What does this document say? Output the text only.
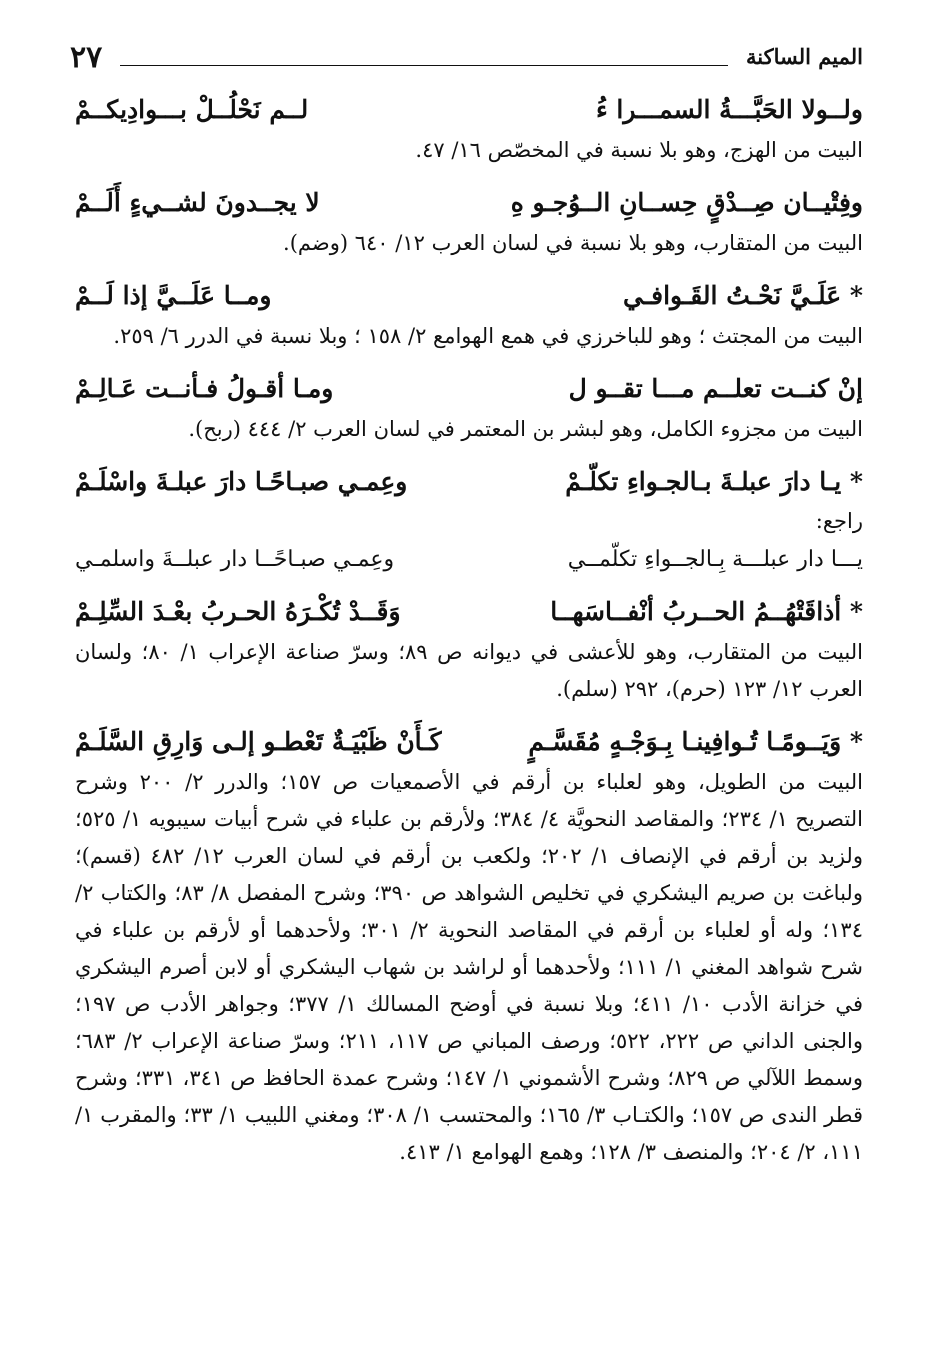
٢٧	الميم الساكنة
ولــولا الحَبَّـــةُ السمـــرا ءُ
لــم نَحْلُــلْ بـــوادِيكــمْ

البيت من الهزج، وهو بلا نسبة في المخصّص ١٦/ ٤٧.

وفِتْيــان صِــدْقٍ حِســانِ الــوُجـو هِ
لا يجــدونَ لشــيءٍ أَلَــمْ

البيت من المتقارب، وهو بلا نسبة في لسان العرب ١٢/ ٦٤٠ (وضم).

* عَلَـيَّ نَحْـتُ القَـوافـي
ومــا عَلَــيَّ إذا لَــمْ

البيت من المجتث ؛ وهو للباخرزي في همع الهوامع ٢/ ١٥٨ ؛ وبلا نسبة في الدرر ٦/ ٢٥٩.

إنْ كنــت تعلــم مـــا تقــو ل
ومـا أقـولُ فـأنــت عَـالِـمْ

البيت من مجزوء الكامل، وهو لبشر بن المعتمر في لسان العرب ٢/ ٤٤٤ (ربح).

* يـا دارَ عبلـةَ بـالجـواءِ تكلّـمْ
وعِمـي صبـاحًـا دارَ عبلـةَ واسْلَـمْ
راجع:
يـــا دار عبلـــة بِـالجــواءِ تكلّمــي
وعِمـي صبـاحًــا دار عبلــةَ واسلمـي
* أذاقَتْهُــمُ الحــربُ أنْفــاسَهــا
وَقَــدْ تُكْـرَهُ الحـربُ بعْـدَ السِّلِـمْ

البيت من المتقارب، وهو للأعشى في ديوانه ص ٨٩؛ وسرّ صناعة الإعراب ١/ ٨٠؛ ولسان العرب ١٢/ ١٢٣ (حرم)، ٢٩٢ (سلم).

* وَيَــومًـا تُـوافِينـا بِـوَجْـهٍ مُقَسَّـمٍ
كَـأَنْ ظَبْيَـةٌ تَعْطـو إلـى وَارِقِ السَّلَـمْ

البيت من الطويل، وهو لعلباء بن أرقم في الأصمعيات ص ١٥٧؛ والدرر ٢/ ٢٠٠ وشرح التصريح ١/ ٢٣٤؛ والمقاصد النحويَّة ٤/ ٣٨٤؛ ولأرقم بن علباء في شرح أبيات سيبويه ١/ ٥٢٥؛ ولزيد بن أرقم في الإنصاف ١/ ٢٠٢؛ ولكعب بن أرقم في لسان العرب ١٢/ ٤٨٢ (قسم)؛ ولباغت بن صريم اليشكري في تخليص الشواهد ص ٣٩٠؛ وشرح المفصل ٨/ ٨٣؛ والكتاب ٢/ ١٣٤؛ وله أو لعلباء بن أرقم في المقاصد النحوية ٢/ ٣٠١؛ ولأحدهما أو لأرقم بن علباء في شرح شواهد المغني ١/ ١١١؛ ولأحدهما أو لراشد بن شهاب اليشكري أو لابن أصرم اليشكري في خزانة الأدب ١٠/ ٤١١؛ وبلا نسبة في أوضح المسالك ١/ ٣٧٧؛ وجواهر الأدب ص ١٩٧؛ والجنى الداني ص ٢٢٢، ٥٢٢؛ ورصف المباني ص ١١٧، ٢١١؛ وسرّ صناعة الإعراب ٢/ ٦٨٣؛ وسمط اللآلي ص ٨٢٩؛ وشرح الأشموني ١/ ١٤٧؛ وشرح عمدة الحافظ ص ٣٤١، ٣٣١؛ وشرح قطر الندى ص ١٥٧؛ والكتـاب ٣/ ١٦٥؛ والمحتسب ١/ ٣٠٨؛ ومغني اللبيب ١/ ٣٣؛ والمقرب ١/ ١١١، ٢/ ٢٠٤؛ والمنصف ٣/ ١٢٨؛ وهمع الهوامع ١/ ٤١٣.
